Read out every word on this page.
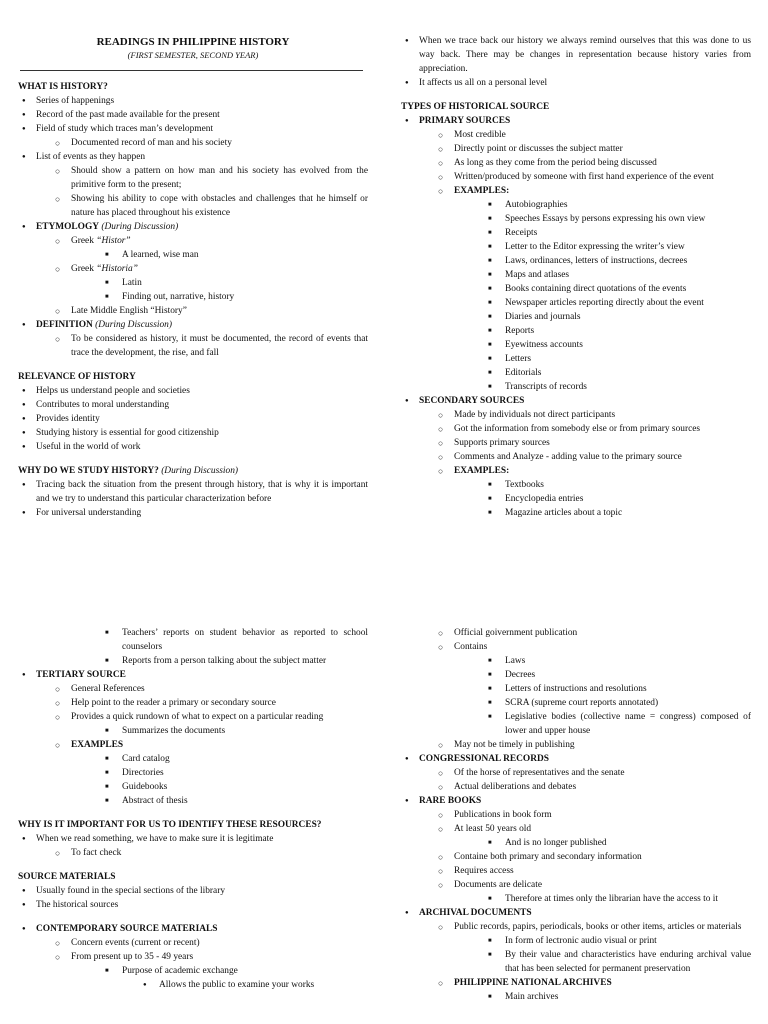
READINGS IN PHILIPPINE HISTORY
(FIRST SEMESTER, SECOND YEAR)
WHAT IS HISTORY?
● Series of happenings
● Record of the past made available for the present
● Field of study which traces man’s development
○ Documented record of man and his society
● List of events as they happen
○ Should show a pattern on how man and his society has evolved from the primitive form to the present;
○ Showing his ability to cope with obstacles and challenges that he himself or nature has placed throughout his existence
● ETYMOLOGY (During Discussion)
○ Greek “Histor”
■ A learned, wise man
○ Greek “Historia”
■ Latin
■ Finding out, narrative, history
○ Late Middle English “History”
● DEFINITION (During Discussion)
○ To be considered as history, it must be documented, the record of events that trace the development, the rise, and fall
RELEVANCE OF HISTORY
● Helps us understand people and societies
● Contributes to moral understanding
● Provides identity
● Studying history is essential for good citizenship
● Useful in the world of work
WHY DO WE STUDY HISTORY? (During Discussion)
● Tracing back the situation from the present through history, that is why it is important and we try to understand this particular characterization before
● For universal understanding
● When we trace back our history we always remind ourselves that this was done to us way back. There may be changes in representation because history varies from appreciation.
● It affects us all on a personal level
TYPES OF HISTORICAL SOURCE
● PRIMARY SOURCES
○ Most credible
○ Directly point or discusses the subject matter
○ As long as they come from the period being discussed
○ Written/produced by someone with first hand experience of the event
○ EXAMPLES:
■ Autobiographies
■ Speeches Essays by persons expressing his own view
■ Receipts
■ Letter to the Editor expressing the writer’s view
■ Laws, ordinances, letters of instructions, decrees
■ Maps and atlases
■ Books containing direct quotations of the events
■ Newspaper articles reporting directly about the event
■ Diaries and journals
■ Reports
■ Eyewitness accounts
■ Letters
■ Editorials
■ Transcripts of records
● SECONDARY SOURCES
○ Made by individuals not direct participants
○ Got the information from somebody else or from primary sources
○ Supports primary sources
○ Comments and Analyze - adding value to the primary source
○ EXAMPLES:
■ Textbooks
■ Encyclopedia entries
■ Magazine articles about a topic
■ Teachers’ reports on student behavior as reported to school counselors
■ Reports from a person talking about the subject matter
● TERTIARY SOURCE
○ General References
○ Help point to the reader a primary or secondary source
○ Provides a quick rundown of what to expect on a particular reading
■ Summarizes the documents
○ EXAMPLES
■ Card catalog
■ Directories
■ Guidebooks
■ Abstract of thesis
WHY IS IT IMPORTANT FOR US TO IDENTIFY THESE RESOURCES?
● When we read something, we have to make sure it is legitimate
○ To fact check
SOURCE MATERIALS
● Usually found in the special sections of the library
● The historical sources
● CONTEMPORARY SOURCE MATERIALS
○ Concern events (current or recent)
○ From present up to 35 - 49 years
■ Purpose of academic exchange
● Allows the public to examine your works
○ Official goivernment publication
○ Contains
■ Laws
■ Decrees
■ Letters of instructions and resolutions
■ SCRA (supreme court reports annotated)
■ Legislative bodies (collective name = congress) composed of lower and upper house
○ May not be timely in publishing
● CONGRESSIONAL RECORDS
○ Of the horse of representatives and the senate
○ Actual deliberations and debates
● RARE BOOKS
○ Publications in book form
○ At least 50 years old
■ And is no longer published
○ Containe both primary and secondary information
○ Requires access
○ Documents are delicate
■ Therefore at times only the librarian have the access to it
● ARCHIVAL DOCUMENTS
○ Public records, papirs, periodicals, books or other items, articles or materials
■ In form of lectronic audio visual or print
■ By their value and characteristics have enduring archival value that has been selected for permanent preservation
○ PHILIPPINE NATIONAL ARCHIVES
■ Main archives
